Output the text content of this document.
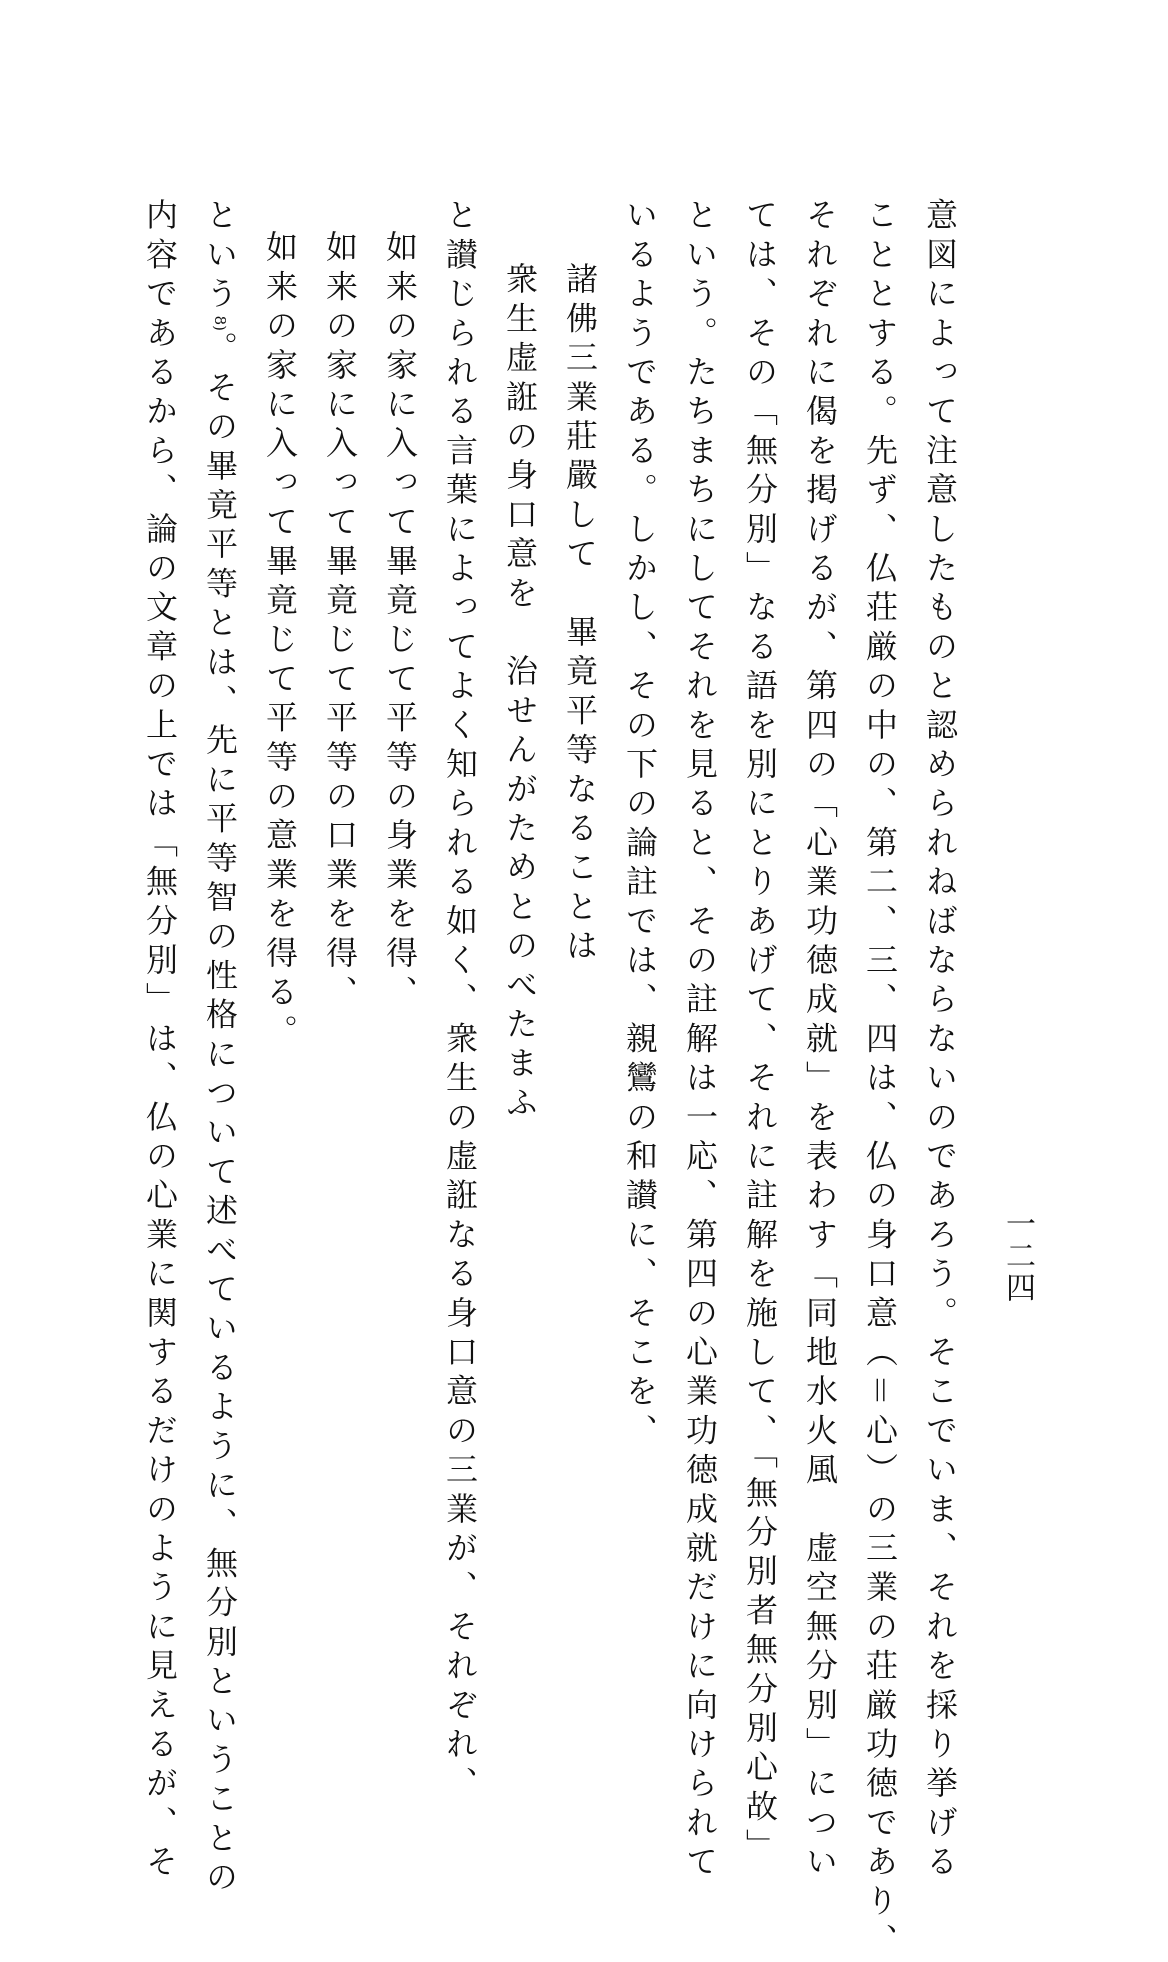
一二四
意図によって注意したものと認められねばならないのであろう。そこでいま、それを採り挙げる
こととする。先ず、仏荘厳の中の、第二、三、四は、仏の身口意（＝心）の三業の荘厳功徳であり、
それぞれに偈を掲げるが、第四の「心業功徳成就」を表わす「同地水火風　虚空無分別」につい
ては、その「無分別」なる語を別にとりあげて、それに註解を施して、「無分別者無分別心故」
という。たちまちにしてそれを見ると、その註解は一応、第四の心業功徳成就だけに向けられて
いるようである。しかし、その下の論註では、親鸞の和讃に、そこを、
諸佛三業莊嚴して　畢竟平等なることは
衆生虚誑の身口意を　治せんがためとのべたまふ
と讃じられる言葉によってよく知られる如く、衆生の虚誑なる身口意の三業が、それぞれ、
如来の家に入って畢竟じて平等の身業を得、
如来の家に入って畢竟じて平等の口業を得、
如来の家に入って畢竟じて平等の意業を得る。
という8)。その畢竟平等とは、先に平等智の性格について述べているように、無分別ということの
内容であるから、論の文章の上では「無分別」は、仏の心業に関するだけのように見えるが、そ
